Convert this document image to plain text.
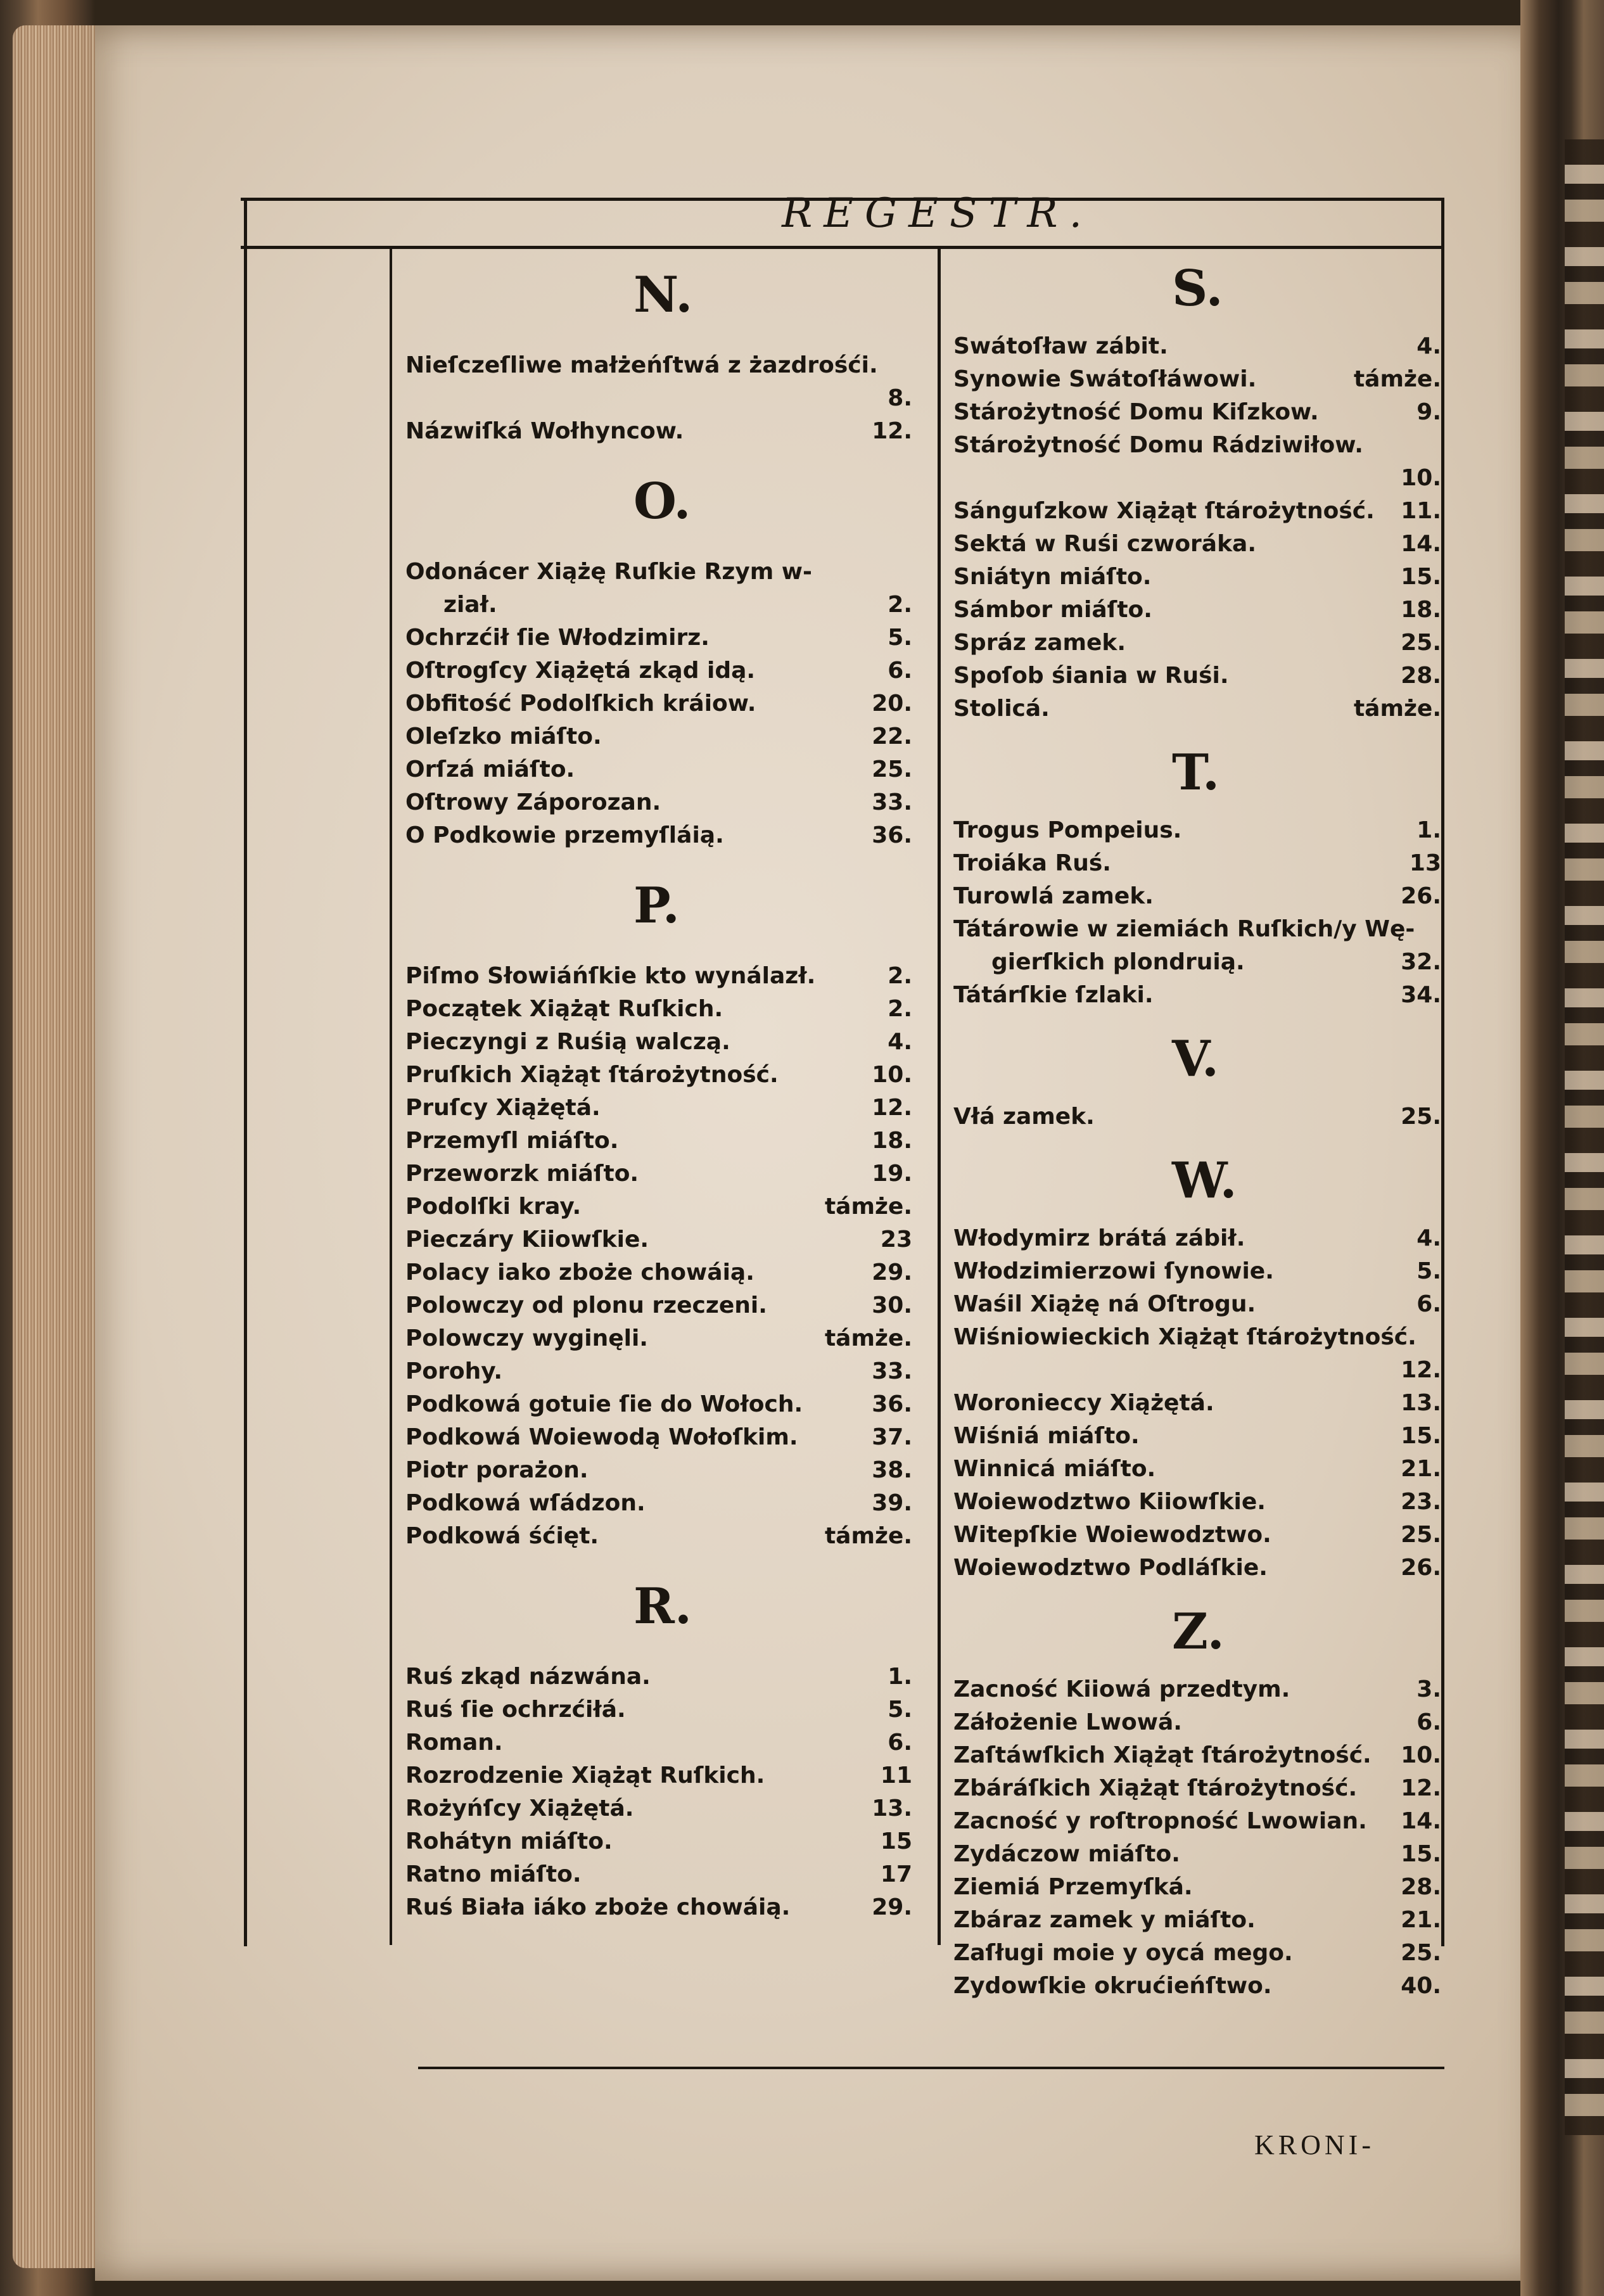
REGESTR.
N.
Nieſczeſliwe małżeńſtwá z żazdrośći.
8.
Názwiſká Wołhyncow.	12.
O.
Odonácer Xiążę Ruſkie Rzym w-
ział.	2.
Ochrzćił ſie Włodzimirz.	5.
Oſtrogſcy Xiążętá zkąd idą.	6.
Obfitość Podolſkich kráiow.	20.
Oleſzko miáſto.	22.
Orſzá miáſto.	25.
Oſtrowy Záporozan.	33.
O Podkowie przemyſláią.	36.
P.
Piſmo Słowiáńſkie kto wynálazł.	2.
Początek Xiążąt Ruſkich.	2.
Pieczyngi z Ruśią walczą.	4.
Pruſkich Xiążąt ſtárożytność.	10.
Pruſcy Xiążętá.	12.
Przemyſl miáſto.	18.
Przeworzk miáſto.	19.
Podolſki kray.	támże.
Pieczáry Kiiowſkie.	23
Polacy iako zboże chowáią.	29.
Polowczy od plonu rzeczeni.	30.
Polowczy wyginęli.	támże.
Porohy.	33.
Podkowá gotuie ſie do Wołoch.	36.
Podkowá Woiewodą Wołoſkim.	37.
Piotr porażon.	38.
Podkowá wſádzon.	39.
Podkowá śćięt.	támże.
R.
Ruś zkąd názwána.	1.
Ruś ſie ochrzćiłá.	5.
Roman.	6.
Rozrodzenie Xiążąt Ruſkich.	11
Rożyńſcy Xiążętá.	13.
Rohátyn miáſto.	15
Ratno miáſto.	17
Ruś Biała iáko zboże chowáią.	29.
S.
Swátoſław zábit.	4.
Synowie Swátoſłáwowi.	támże.
Stárożytność Domu Kiſzkow.	9.
Stárożytność Domu Rádziwiłow.
10.
Sánguſzkow Xiążąt ſtárożytność. 11.
Sektá w Ruśi czworáka.	14.
Sniátyn miáſto.	15.
Sámbor miáſto.	18.
Spráz zamek.	25.
Spoſob śiania w Ruśi.	28.
Stolicá.	támże.
T.
Trogus Pompeius.	1.
Troiáka Ruś.	13
Turowlá zamek.	26.
Tátárowie w ziemiách Ruſkich/y Wę-
gierſkich plondruią.	32.
Tátárſkie ſzlaki.	34.
V.
Vłá zamek.	25.
W.
Włodymirz brátá zábił.	4.
Włodzimierzowi ſynowie.	5.
Waśil Xiążę ná Oſtrogu.	6.
Wiśniowieckich Xiążąt ſtárożytność.
12.
Woronieccy Xiążętá.	13.
Wiśniá miáſto.	15.
Winnicá miáſto.	21.
Woiewodztwo Kiiowſkie.	23.
Witepſkie Woiewodztwo.	25.
Woiewodztwo Podláſkie.	26.
Z.
Zacność Kiiowá przedtym.	3.
Záłożenie Lwowá.	6.
Zaſtáwſkich Xiążąt ſtárożytność. 10.
Zbáráſkich Xiążąt ſtárożytność. 12.
Zacność y roſtropność Lwowian. 14.
Zydáczow miáſto.	15.
Ziemiá Przemyſká.	28.
Zbáraz zamek y miáſto.	21.
Zaſługi moie y oycá mego.	25.
Zydowſkie okrućieńſtwo.	40.
KRONI-
